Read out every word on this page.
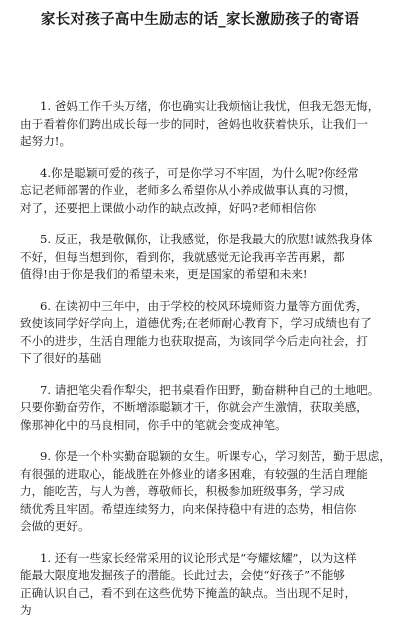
家长对孩子高中生励志的话_家长激励孩子的寄语

1. 爸妈工作千头万绪，你也确实让我烦恼让我忧，但我无怨无悔，
由于看着你们跨出成长每一步的同时，爸妈也收获着快乐，让我们一
起努力!。

4.你是聪颖可爱的孩子，可是你学习不牢固，为什么呢?你经常
忘记老师部署的作业，老师多么希望你从小养成做事认真的习惯，
对了，还要把上课做小动作的缺点改掉，好吗?老师相信你

5. 反正，我是敬佩你，让我感觉，你是我最大的欣慰!诚然我身体
不好，但每当想到你，看到你，我就感觉无论我再辛苦再累，都
值得!由于你是我们的希望未来，更是国家的希望和未来!

6. 在读初中三年中，由于学校的校风环境师资力量等方面优秀，
致使该同学好学向上，道德优秀;在老师耐心教育下，学习成绩也有了
不小的进步，生活自理能力也获取提高，为该同学今后走向社会，打
下了很好的基础

7. 请把笔尖看作犁尖，把书桌看作田野，勤奋耕种自己的土地吧。
只要你勤奋劳作，不断增添聪颖才干，你就会产生激情，获取美感，
像那神化中的马良相同，你手中的笔就会变成神笔。

9. 你是一个朴实勤奋聪颖的女生。听课专心，学习刻苦，勤于思虑，
有很强的进取心，能战胜在外修业的诸多困难，有较强的生活自理能
力，能吃苦，与人为善，尊敬师长，积极参加班级事务，学习成
绩优秀且牢固。希望连续努力，向来保持稳中有进的态势，相信你
会做的更好。

1. 还有一些家长经常采用的议论形式是“夸耀炫耀”，以为这样
能最大限度地发掘孩子的潜能。长此过去，会使“好孩子”不能够
正确认识自己，看不到在这些优势下掩盖的缺点。当出现不足时，
为
